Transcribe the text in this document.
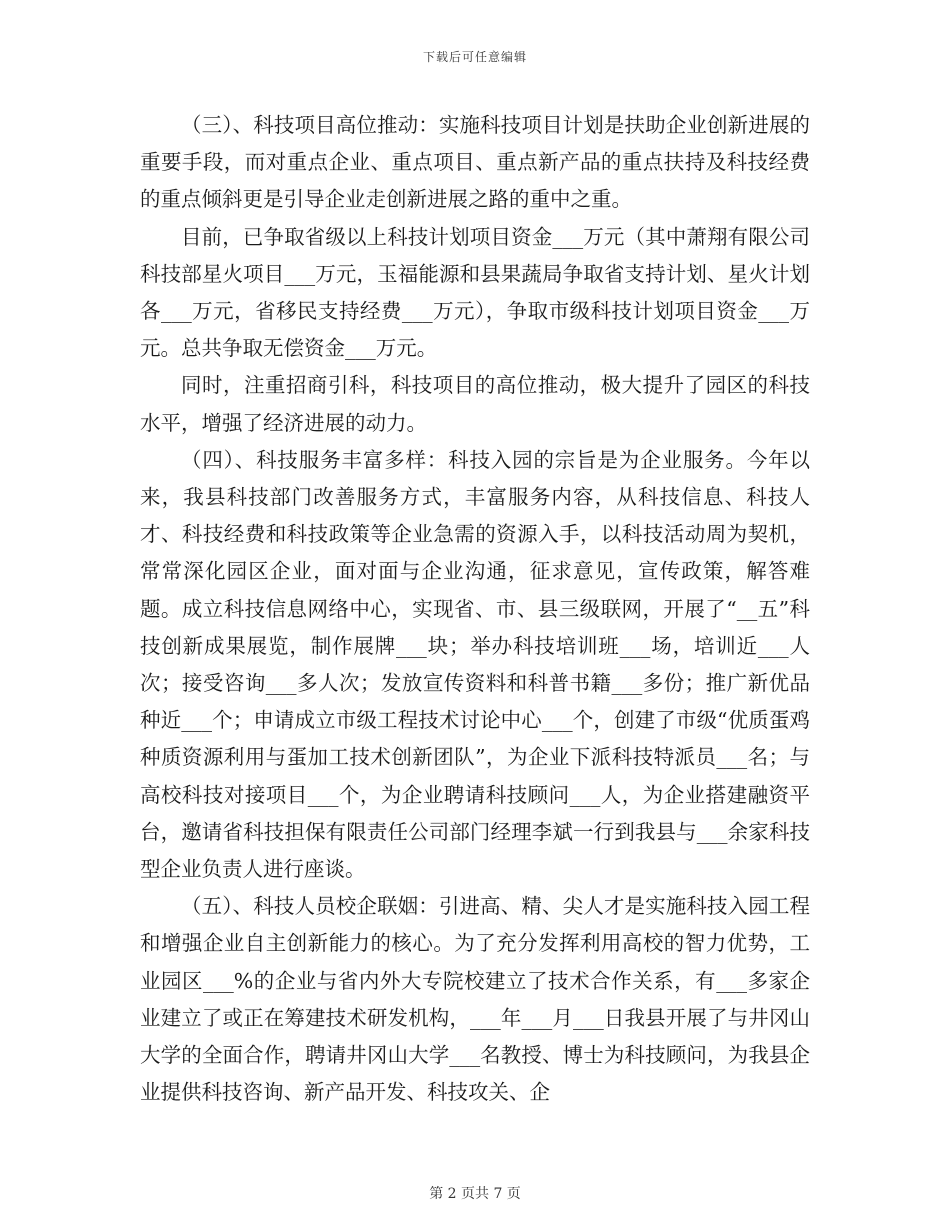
下载后可任意编辑

（三）、科技项目高位推动：实施科技项目计划是扶助企业创新进展的重要手段，而对重点企业、重点项目、重点新产品的重点扶持及科技经费的重点倾斜更是引导企业走创新进展之路的重中之重。

目前，已争取省级以上科技计划项目资金___万元（其中萧翔有限公司科技部星火项目___万元，玉福能源和县果蔬局争取省支持计划、星火计划各___万元，省移民支持经费___万元），争取市级科技计划项目资金___万元。总共争取无偿资金___万元。

同时，注重招商引科，科技项目的高位推动，极大提升了园区的科技水平，增强了经济进展的动力。

（四）、科技服务丰富多样：科技入园的宗旨是为企业服务。今年以来，我县科技部门改善服务方式，丰富服务内容，从科技信息、科技人才、科技经费和科技政策等企业急需的资源入手，以科技活动周为契机，常常深化园区企业，面对面与企业沟通，征求意见，宣传政策，解答难题。成立科技信息网络中心，实现省、市、县三级联网，开展了“__五”科技创新成果展览，制作展牌___块；举办科技培训班___场，培训近___人次；接受咨询___多人次；发放宣传资料和科普书籍___多份；推广新优品种近___个；申请成立市级工程技术讨论中心___个，创建了市级“优质蛋鸡种质资源利用与蛋加工技术创新团队”，为企业下派科技特派员___名；与高校科技对接项目___个，为企业聘请科技顾问___人，为企业搭建融资平台，邀请省科技担保有限责任公司部门经理李斌一行到我县与___余家科技型企业负责人进行座谈。

（五）、科技人员校企联姻：引进高、精、尖人才是实施科技入园工程和增强企业自主创新能力的核心。为了充分发挥利用高校的智力优势，工业园区___%的企业与省内外大专院校建立了技术合作关系，有___多家企业建立了或正在筹建技术研发机构，___年___月___日我县开展了与井冈山大学的全面合作，聘请井冈山大学___名教授、博士为科技顾问，为我县企业提供科技咨询、新产品开发、科技攻关、企

第 2 页共 7 页
